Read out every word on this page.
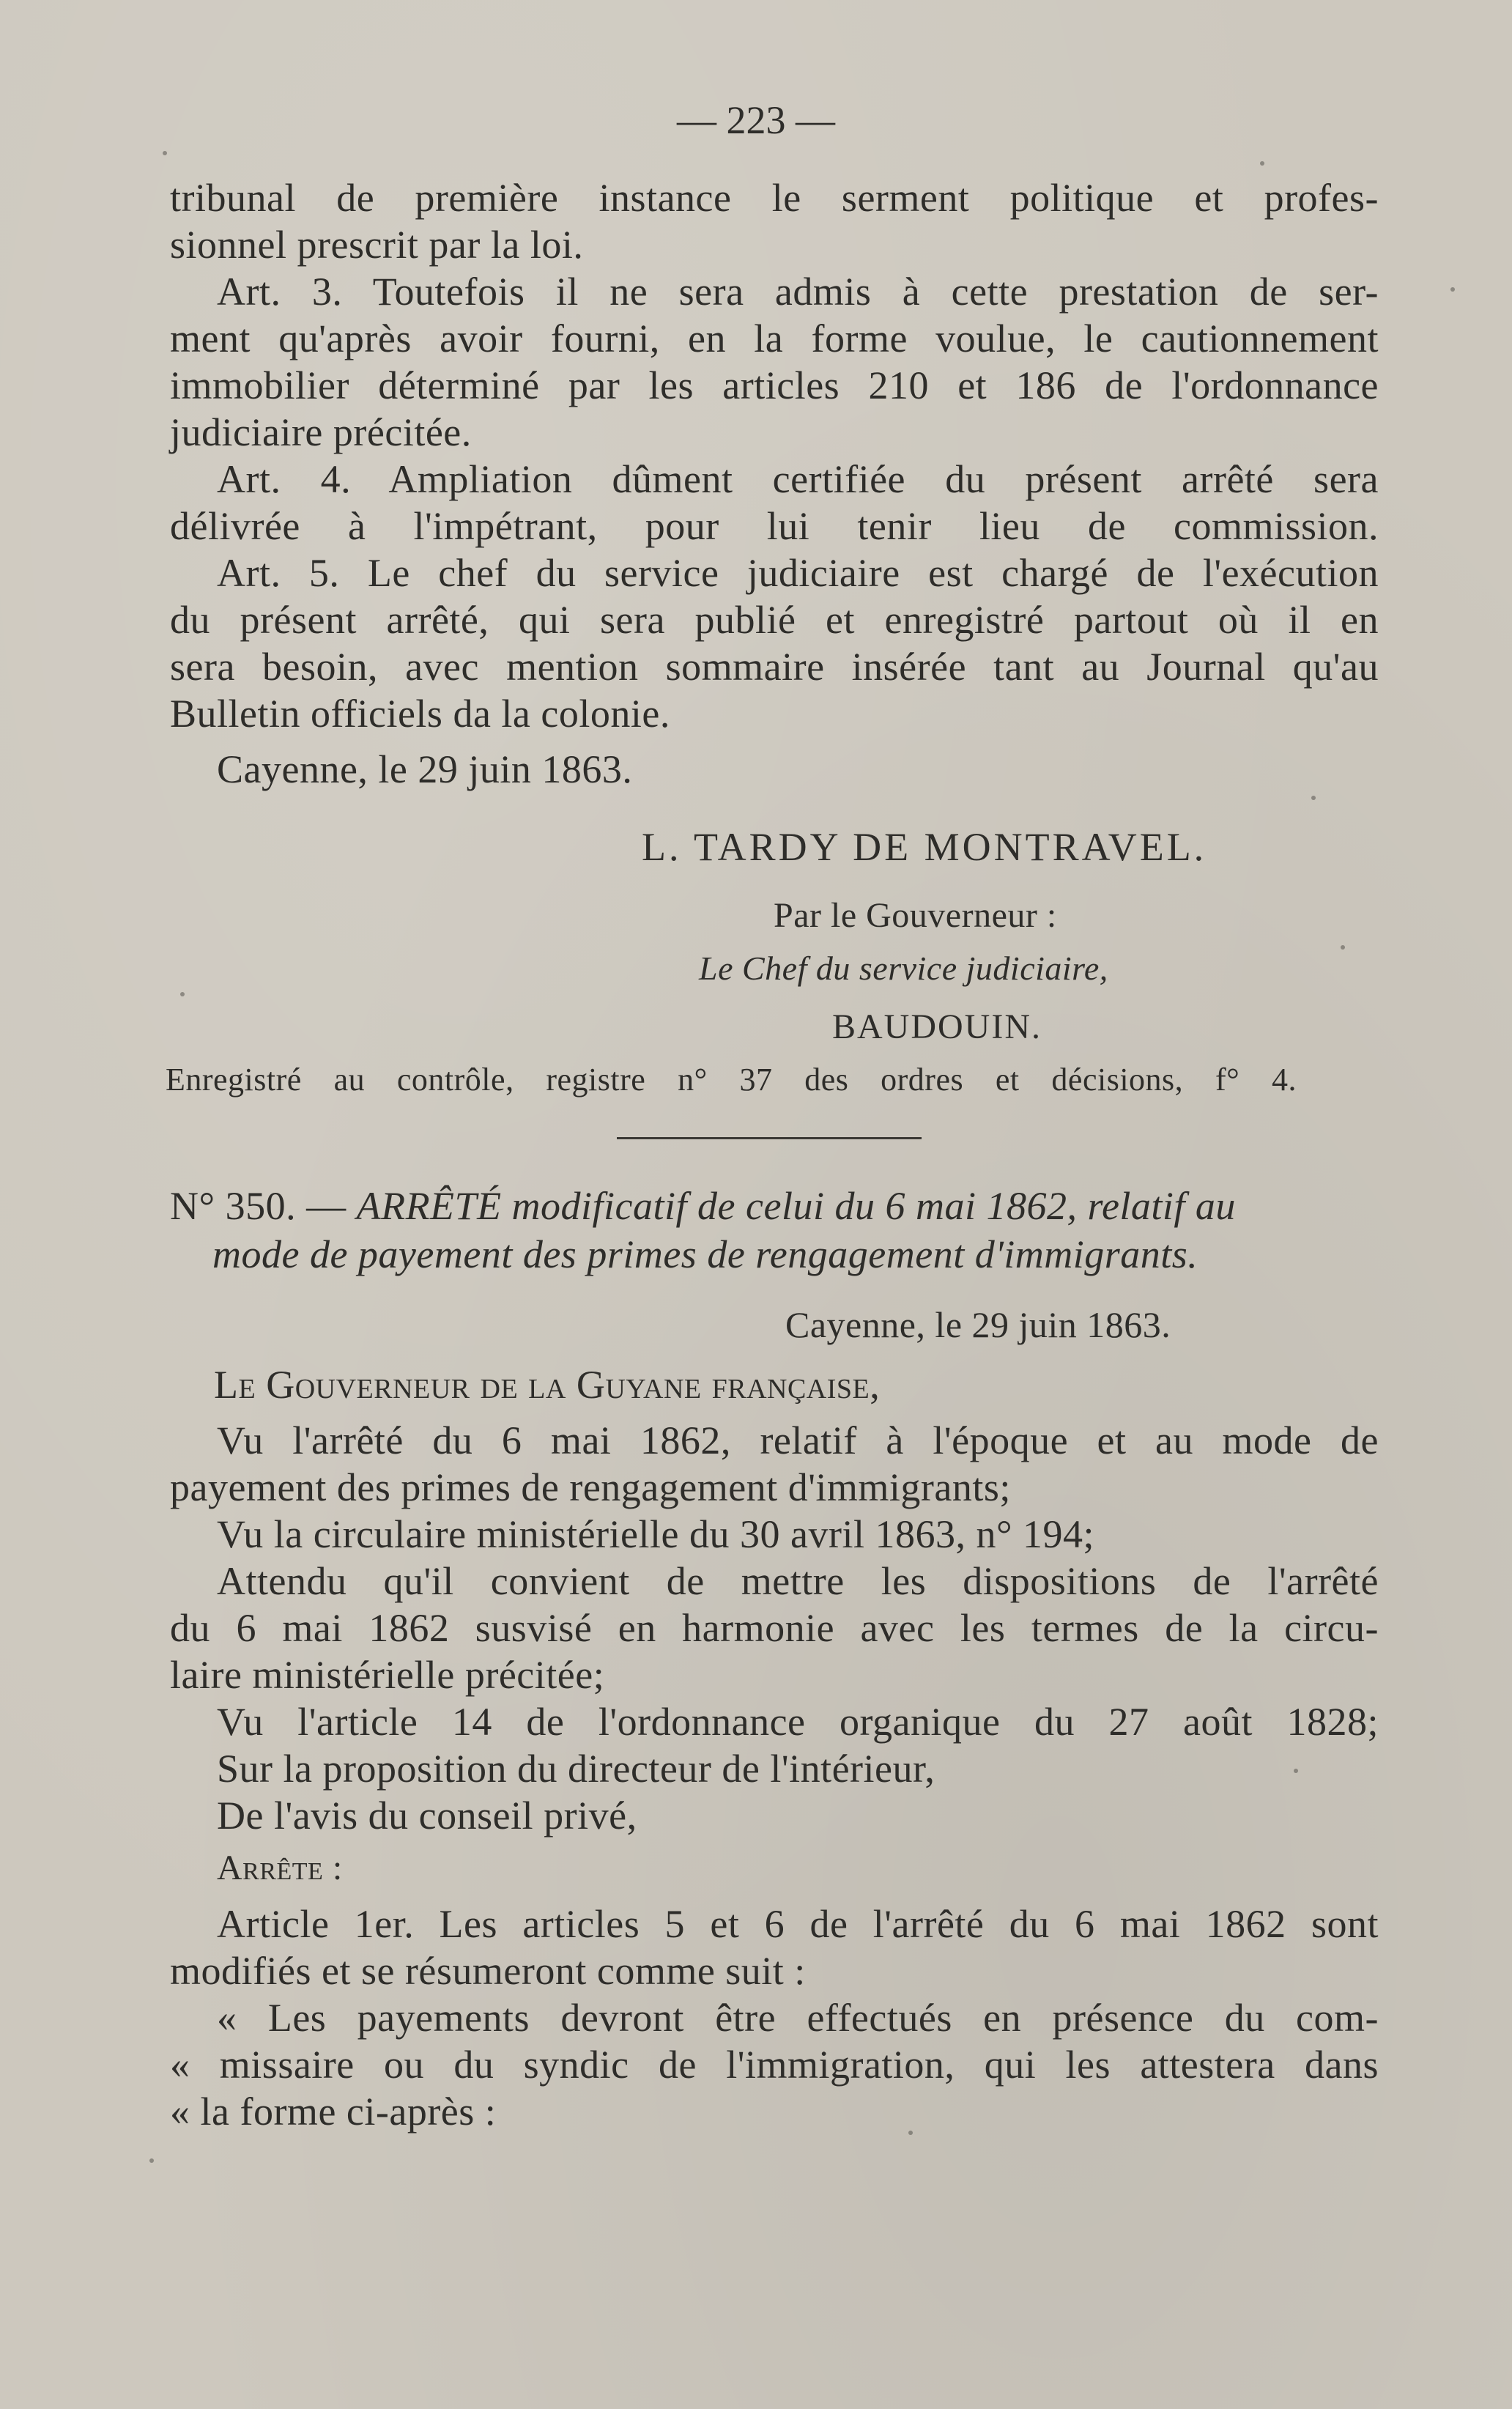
— 223 —
tribunal de première instance le serment politique et profes-
sionnel prescrit par la loi.
Art. 3. Toutefois il ne sera admis à cette prestation de ser-
ment qu'après avoir fourni, en la forme voulue, le cautionnement
immobilier déterminé par les articles 210 et 186 de l'ordonnance
judiciaire précitée.
Art. 4. Ampliation dûment certifiée du présent arrêté sera
délivrée à l'impétrant, pour lui tenir lieu de commission.
Art. 5. Le chef du service judiciaire est chargé de l'exécution
du présent arrêté, qui sera publié et enregistré partout où il en
sera besoin, avec mention sommaire insérée tant au Journal qu'au
Bulletin officiels da la colonie.
Cayenne, le 29 juin 1863.
L. TARDY DE MONTRAVEL.
Par le Gouverneur :
Le Chef du service judiciaire,
BAUDOUIN.
Enregistré au contrôle, registre n° 37 des ordres et décisions, f° 4.
N° 350. — ARRÊTÉ modificatif de celui du 6 mai 1862, relatif au
mode de payement des primes de rengagement d'immigrants.
Cayenne, le 29 juin 1863.
Le Gouverneur de la Guyane française,
Vu l'arrêté du 6 mai 1862, relatif à l'époque et au mode de
payement des primes de rengagement d'immigrants;
Vu la circulaire ministérielle du 30 avril 1863, n° 194;
Attendu qu'il convient de mettre les dispositions de l'arrêté
du 6 mai 1862 susvisé en harmonie avec les termes de la circu-
laire ministérielle précitée;
Vu l'article 14 de l'ordonnance organique du 27 août 1828;
Sur la proposition du directeur de l'intérieur,
De l'avis du conseil privé,
Arrête :
Article 1er. Les articles 5 et 6 de l'arrêté du 6 mai 1862 sont
modifiés et se résumeront comme suit :
« Les payements devront être effectués en présence du com-
« missaire ou du syndic de l'immigration, qui les attestera dans
« la forme ci-après :
